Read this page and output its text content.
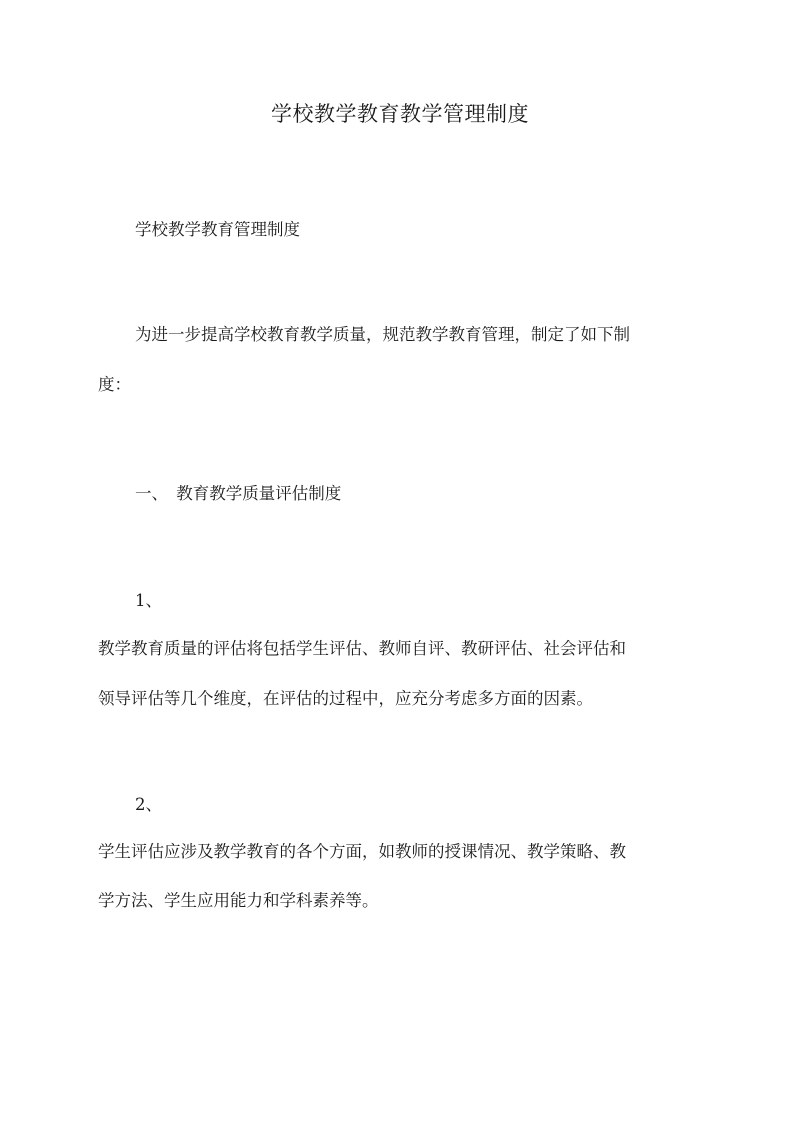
学校教学教育教学管理制度
学校教学教育管理制度
为进一步提高学校教育教学质量，规范教学教育管理，制定了如下制
度：
一、　教育教学质量评估制度
1、
教学教育质量的评估将包括学生评估、教师自评、教研评估、社会评估和
领导评估等几个维度，在评估的过程中，应充分考虑多方面的因素。
2、
学生评估应涉及教学教育的各个方面，如教师的授课情况、教学策略、教
学方法、学生应用能力和学科素养等。
